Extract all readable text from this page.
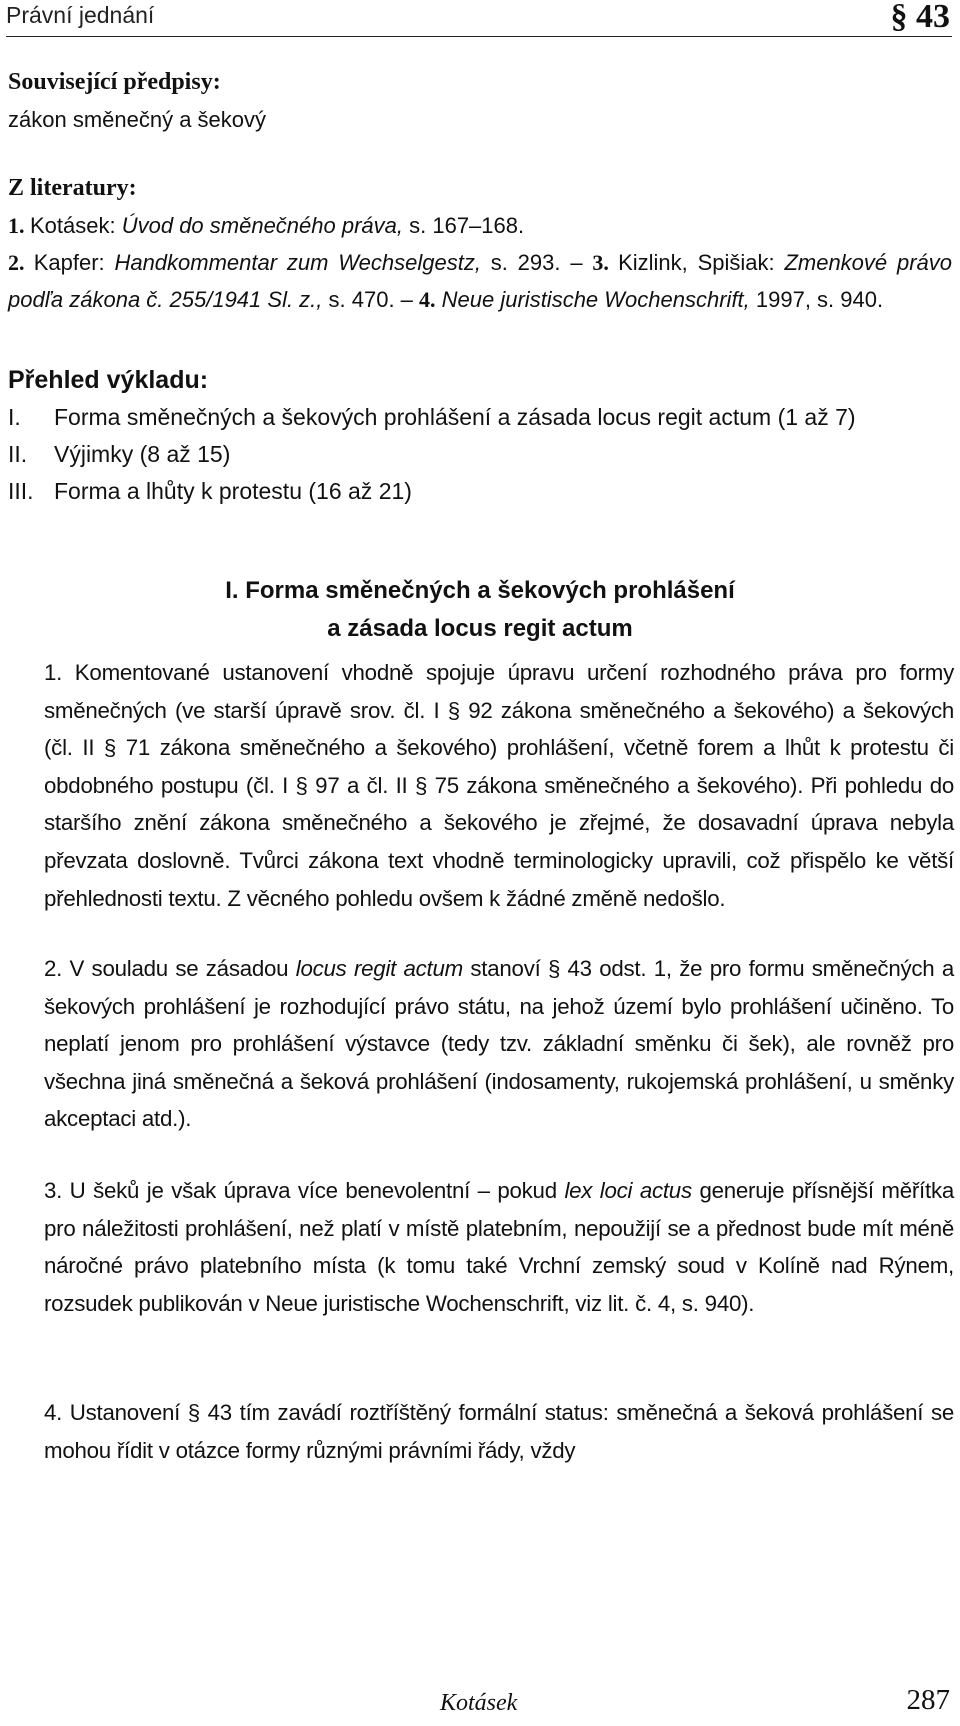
Právní jednání	§ 43
Související předpisy:
zákon směnečný a šekový
Z literatury:
1. Kotásek: Úvod do směnečného práva, s. 167–168.
2. Kapfer: Handkommentar zum Wechselgestz, s. 293. – 3. Kizlink, Spišiak: Zmenkové právo podľa zákona č. 255/1941 Sl. z., s. 470. – 4. Neue juristische Wochenschrift, 1997, s. 940.
Přehled výkladu:
I. Forma směnečných a šekových prohlášení a zásada locus regit actum (1 až 7)
II. Výjimky (8 až 15)
III. Forma a lhůty k protestu (16 až 21)
I. Forma směnečných a šekových prohlášení
a zásada locus regit actum
1. Komentované ustanovení vhodně spojuje úpravu určení rozhodného práva pro formy směnečných (ve starší úpravě srov. čl. I § 92 zákona směnečného a šekového) a šekových (čl. II § 71 zákona směnečného a šekového) prohlášení, včetně forem a lhůt k protestu či obdobného postupu (čl. I § 97 a čl. II § 75 zákona směnečného a šekového). Při pohledu do staršího znění zákona směnečného a šekového je zřejmé, že dosavadní úprava nebyla převzata doslovně. Tvůrci zákona text vhodně terminologicky upravili, což přispělo ke větší přehlednosti textu. Z věcného pohledu ovšem k žádné změně nedošlo.
2. V souladu se zásadou locus regit actum stanoví § 43 odst. 1, že pro formu směnečných a šekových prohlášení je rozhodující právo státu, na jehož území bylo prohlášení učiněno. To neplatí jenom pro prohlášení výstavce (tedy tzv. základní směnku či šek), ale rovněž pro všechna jiná směnečná a šeková prohlášení (indosamenty, rukojemská prohlášení, u směnky akceptaci atd.).
3. U šeků je však úprava více benevolentní – pokud lex loci actus generuje přísnější měřítka pro náležitosti prohlášení, než platí v místě platebním, nepoužijí se a přednost bude mít méně náročné právo platebního místa (k tomu také Vrchní zemský soud v Kolíně nad Rýnem, rozsudek publikován v Neue juristische Wochenschrift, viz lit. č. 4, s. 940).
4. Ustanovení § 43 tím zavádí roztříštěný formální status: směnečná a šeková prohlášení se mohou řídit v otázce formy různými právními řády, vždy
Kotásek	287
